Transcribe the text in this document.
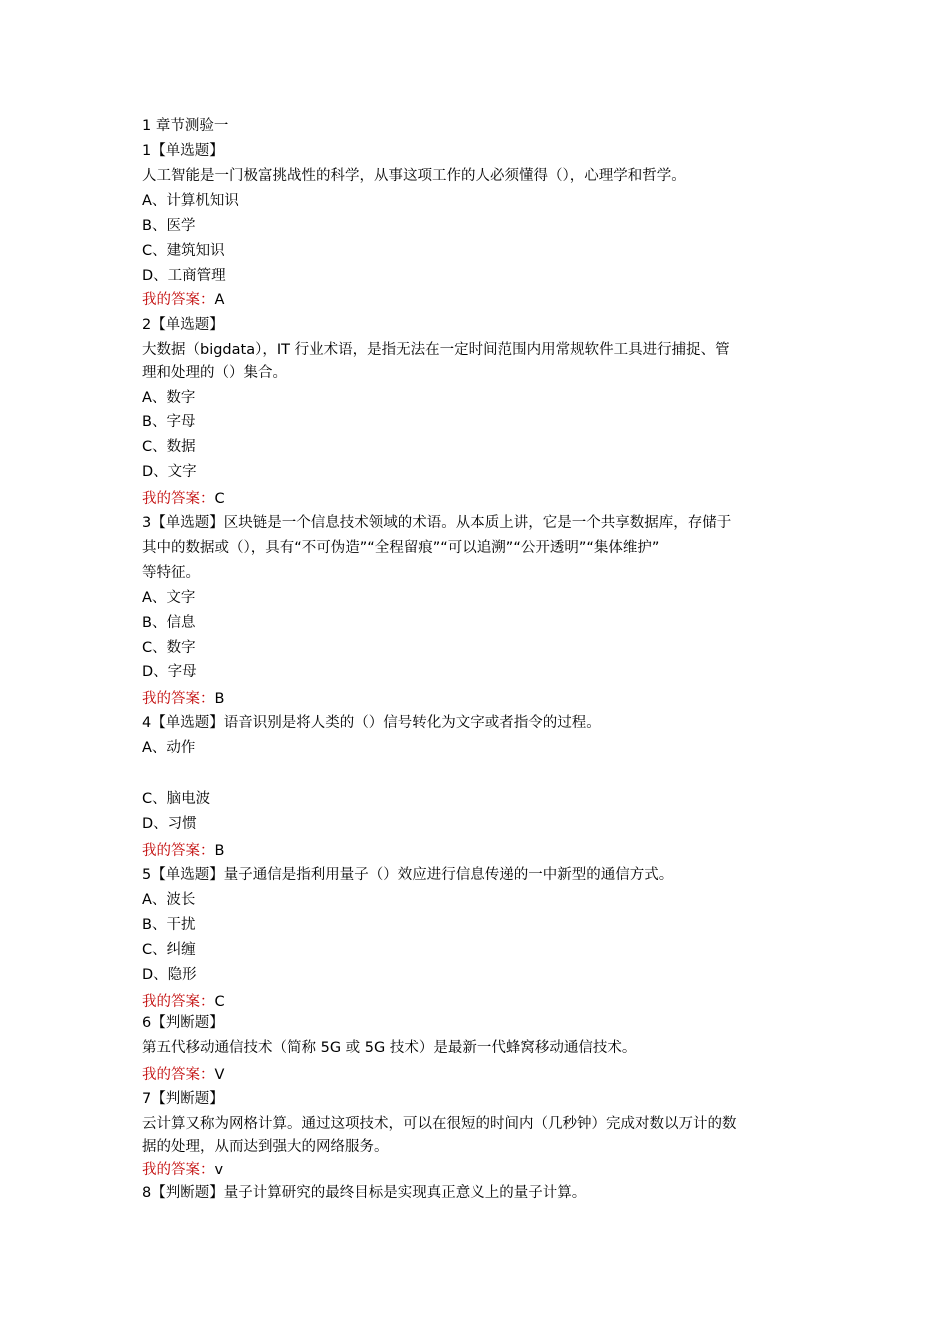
1 章节测验一
1【单选题】
人工智能是一门极富挑战性的科学，从事这项工作的人必须懂得（），心理学和哲学。
A、计算机知识
B、医学
C、建筑知识
D、工商管理
我的答案：A
2【单选题】
大数据（bigdata），IT 行业术语，是指无法在一定时间范围内用常规软件工具进行捕捉、管
理和处理的（）集合。
A、数字
B、字母
C、数据
D、文字
我的答案：C
3【单选题】区块链是一个信息技术领域的术语。从本质上讲，它是一个共享数据库，存储于
其中的数据或（），具有“不可伪造”“全程留痕”“可以追溯”“公开透明”“集体维护”
等特征。
A、文字
B、信息
C、数字
D、字母
我的答案：B
4【单选题】语音识别是将人类的（）信号转化为文字或者指令的过程。
A、动作
C、脑电波
D、习惯
我的答案：B
5【单选题】量子通信是指利用量子（）效应进行信息传递的一中新型的通信方式。
A、波长
B、干扰
C、纠缠
D、隐形
我的答案：C
6【判断题】
第五代移动通信技术（简称 5G 或 5G 技术）是最新一代蜂窝移动通信技术。
我的答案：V
7【判断题】
云计算又称为网格计算。通过这项技术，可以在很短的时间内（几秒钟）完成对数以万计的数
据的处理，从而达到强大的网络服务。
我的答案：v
8【判断题】量子计算研究的最终目标是实现真正意义上的量子计算。
